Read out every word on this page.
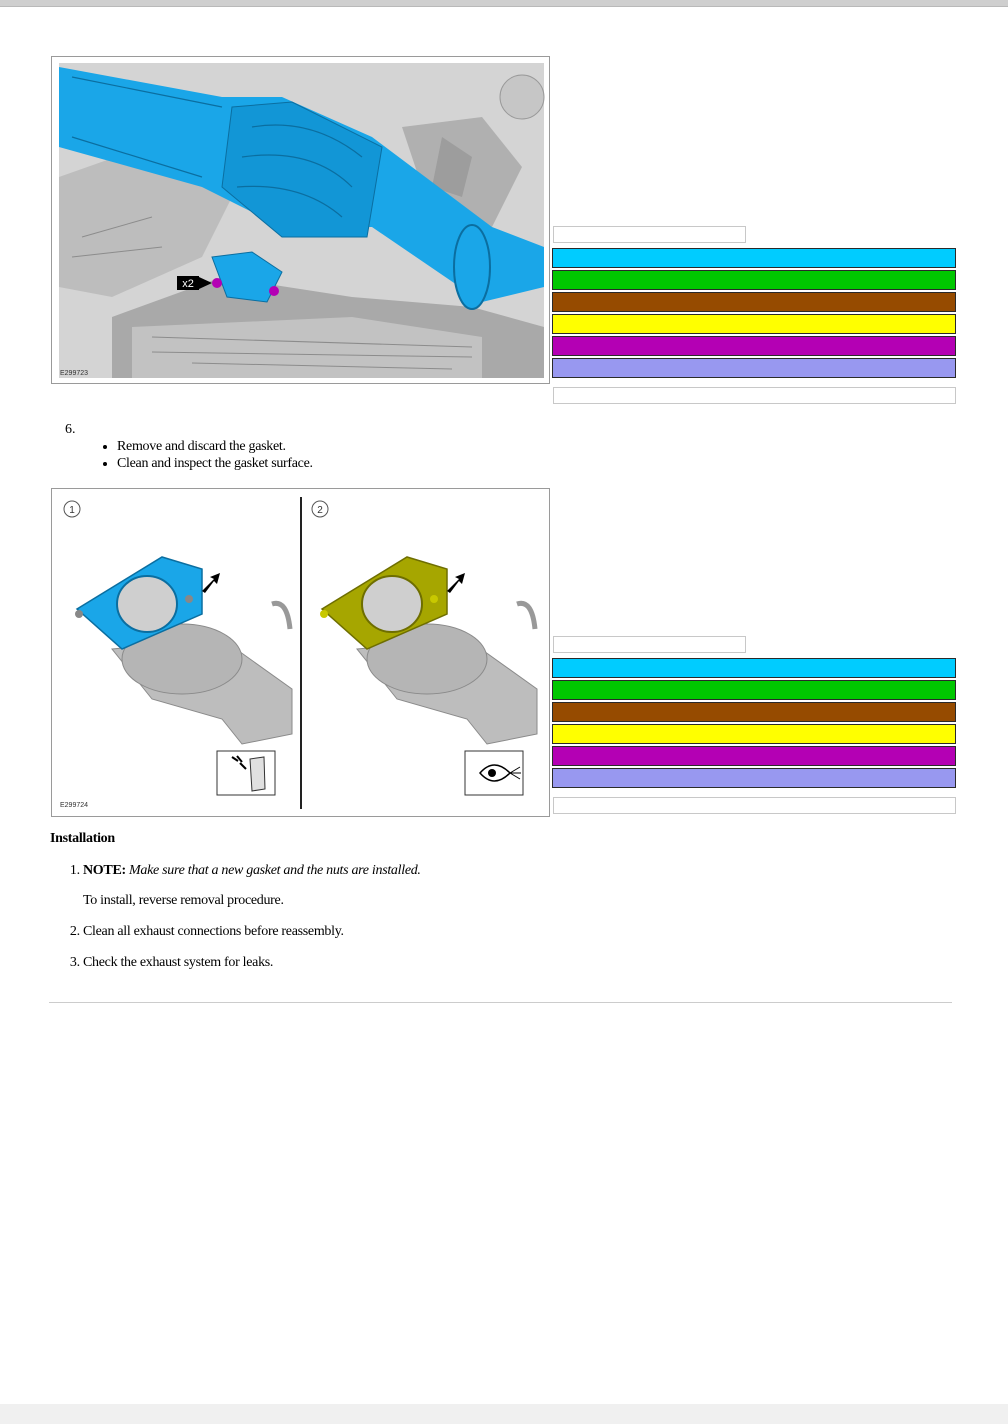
x2
E299723
6.
• Remove and discard the gasket.
• Clean and inspect the gasket surface.
1	2
E299724
Installation
1. NOTE: Make sure that a new gasket and the nuts are installed.
To install, reverse removal procedure.
2. Clean all exhaust connections before reassembly.
3. Check the exhaust system for leaks.
